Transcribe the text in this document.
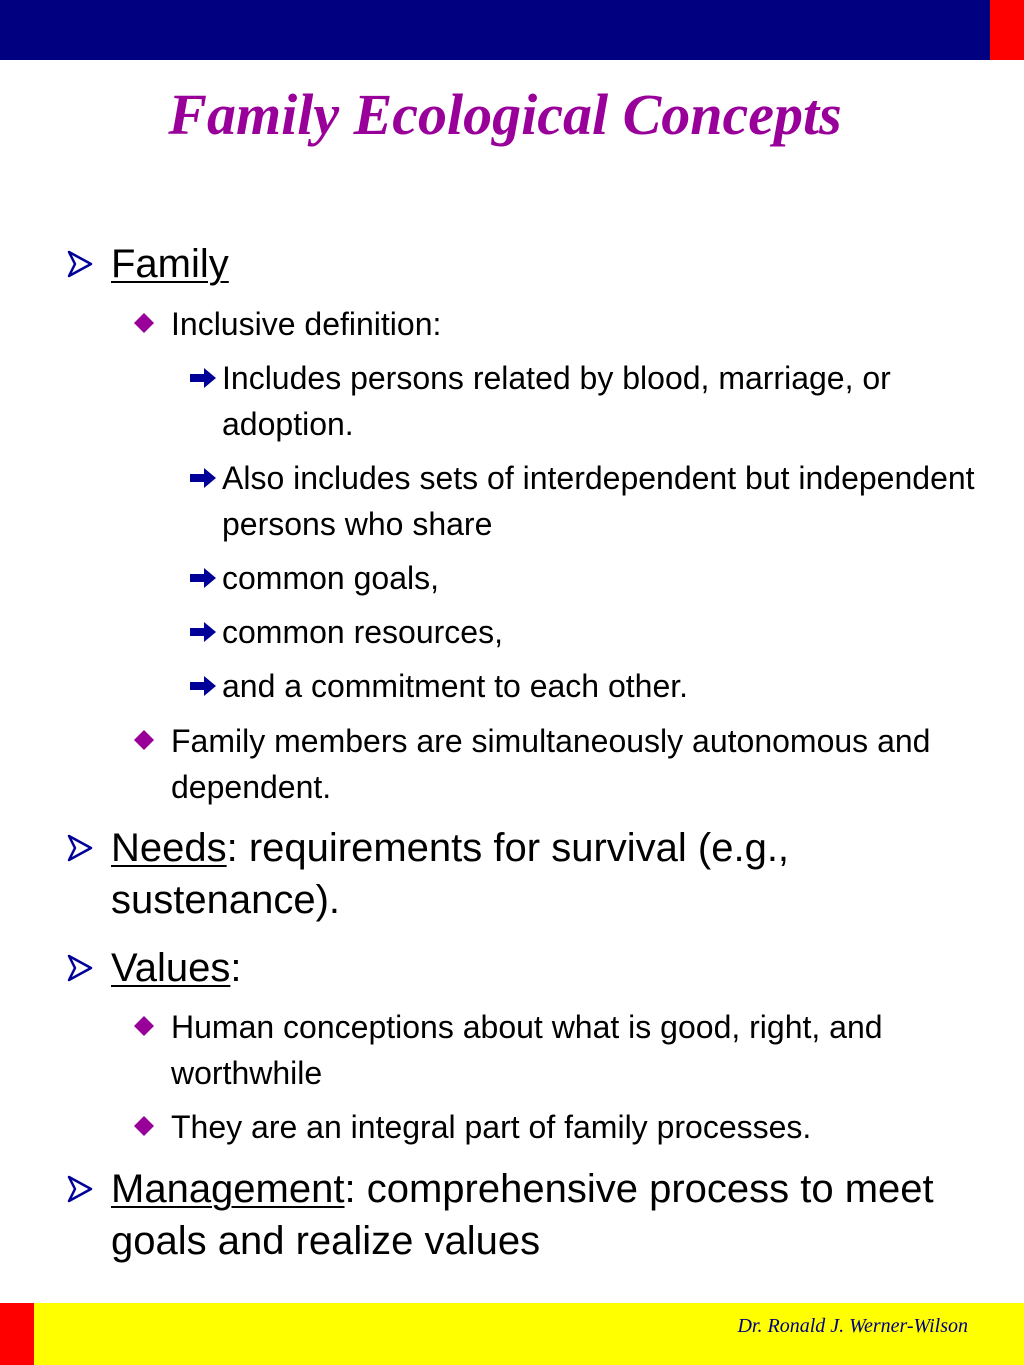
Family Ecological Concepts

Family

Inclusive definition:

Includes persons related by blood, marriage, or adoption.

Also includes sets of interdependent but independent persons who share

common goals,

common resources,

and a commitment to each other.

Family members are simultaneously autonomous and dependent.

Needs: requirements for survival (e.g., sustenance).

Values:

Human conceptions about what is good, right, and worthwhile

They are an integral part of family processes.

Management: comprehensive process to meet goals and realize values

Dr. Ronald J. Werner-Wilson
